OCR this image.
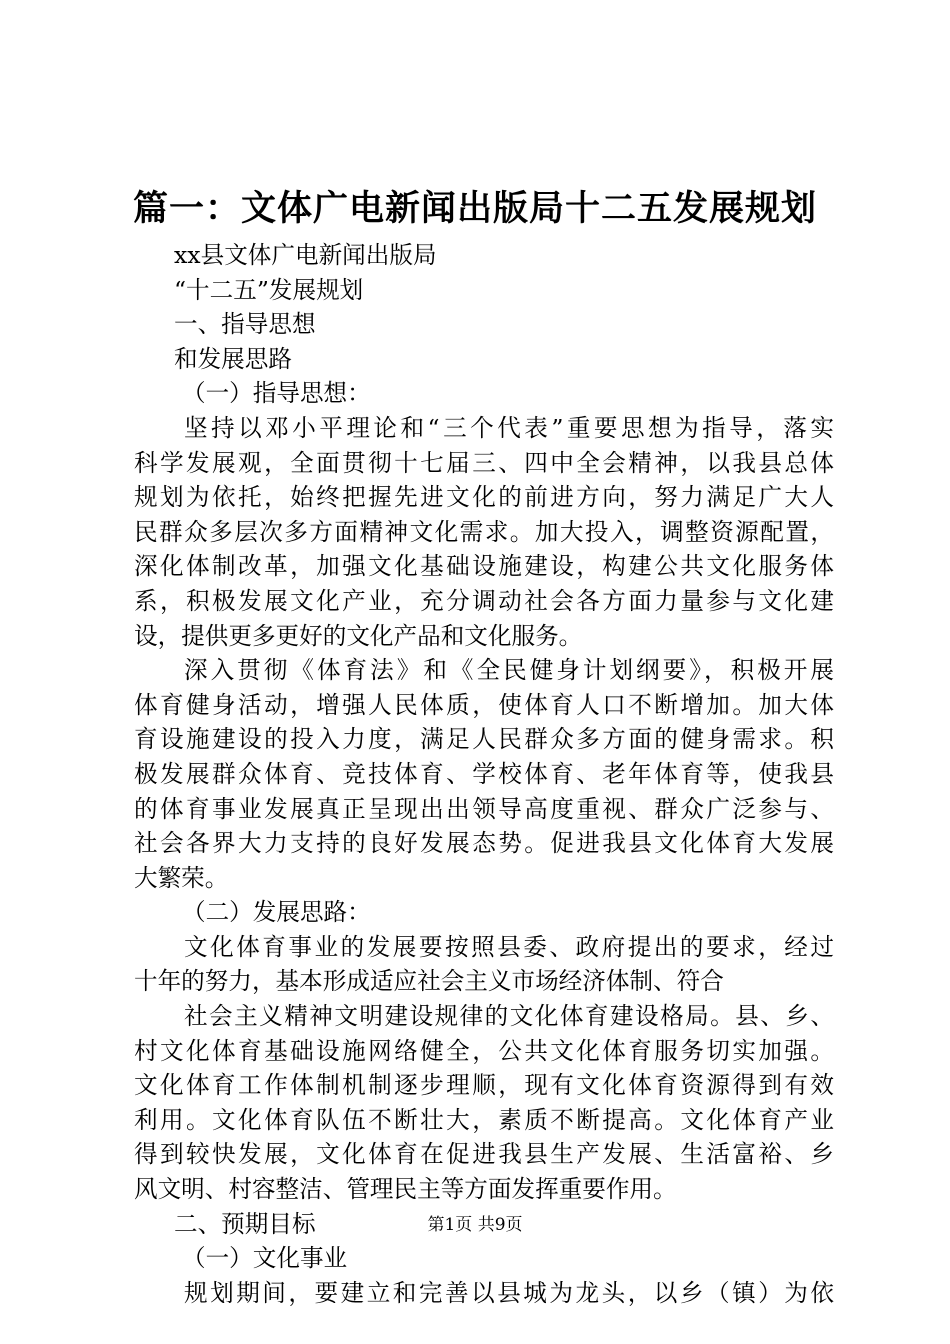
篇一：文体广电新闻出版局十二五发展规划
xx县文体广电新闻出版局
“十二五”发展规划
一、指导思想
和发展思路
（一）指导思想：
坚持以邓小平理论和“三个代表”重要思想为指导，落实
科学发展观，全面贯彻十七届三、四中全会精神，以我县总体
规划为依托，始终把握先进文化的前进方向，努力满足广大人
民群众多层次多方面精神文化需求。加大投入，调整资源配置，
深化体制改革，加强文化基础设施建设，构建公共文化服务体
系，积极发展文化产业，充分调动社会各方面力量参与文化建
设，提供更多更好的文化产品和文化服务。
深入贯彻《体育法》和《全民健身计划纲要》，积极开展
体育健身活动，增强人民体质，使体育人口不断增加。加大体
育设施建设的投入力度，满足人民群众多方面的健身需求。积
极发展群众体育、竞技体育、学校体育、老年体育等，使我县
的体育事业发展真正呈现出出领导高度重视、群众广泛参与、
社会各界大力支持的良好发展态势。促进我县文化体育大发展
大繁荣。
（二）发展思路：
文化体育事业的发展要按照县委、政府提出的要求，经过
十年的努力，基本形成适应社会主义市场经济体制、符合
社会主义精神文明建设规律的文化体育建设格局。县、乡、
村文化体育基础设施网络健全，公共文化体育服务切实加强。
文化体育工作体制机制逐步理顺，现有文化体育资源得到有效
利用。文化体育队伍不断壮大，素质不断提高。文化体育产业
得到较快发展，文化体育在促进我县生产发展、生活富裕、乡
风文明、村容整洁、管理民主等方面发挥重要作用。
二、预期目标
（一）文化事业
规划期间，要建立和完善以县城为龙头，以乡（镇）为依
第1页 共9页
